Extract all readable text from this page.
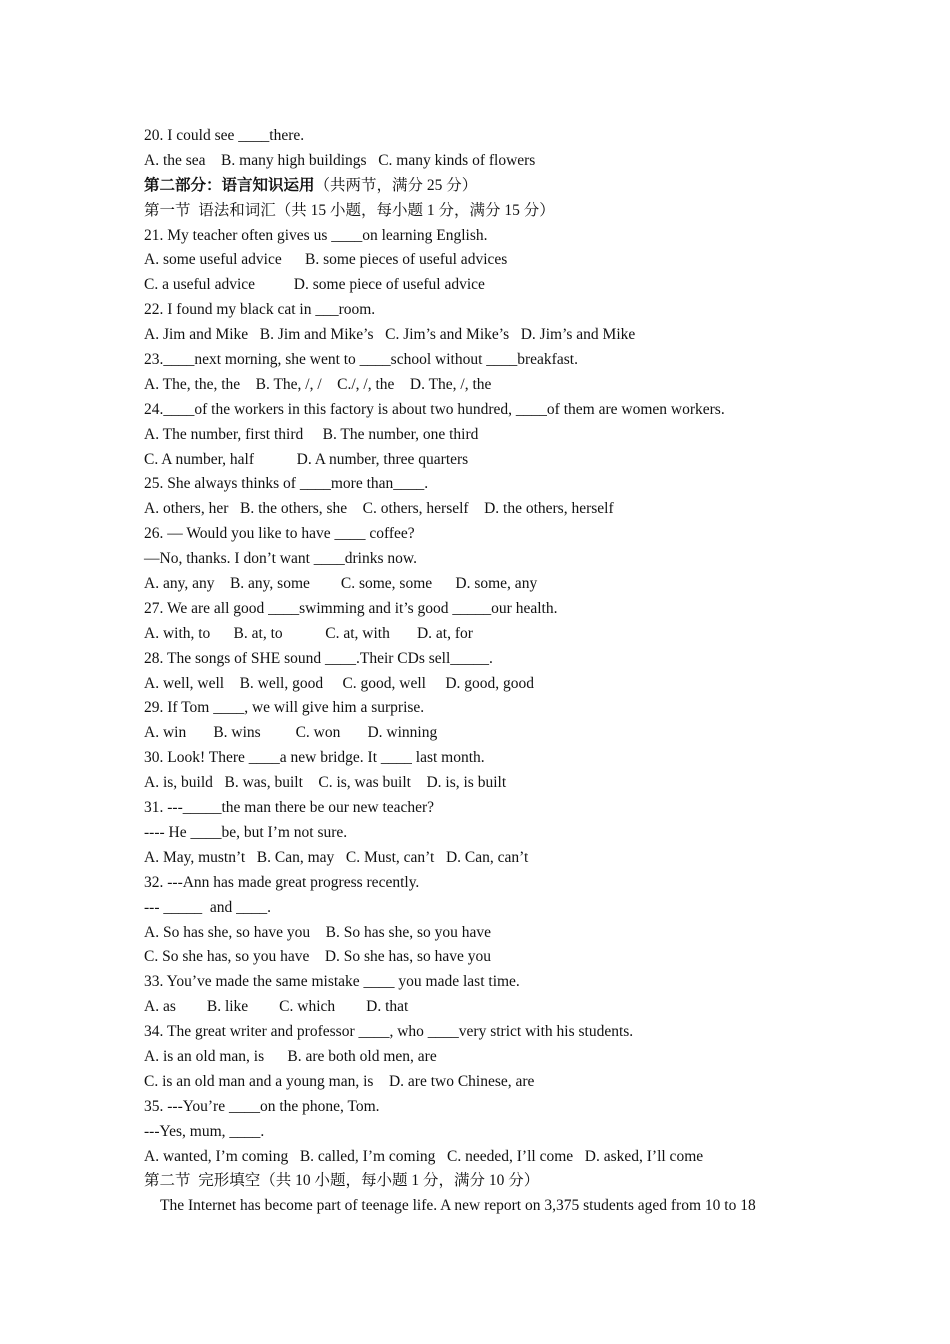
20. I could see ____there.
A. the sea    B. many high buildings   C. many kinds of flowers
第二部分：语言知识运用（共两节，满分 25 分）
第一节  语法和词汇（共 15 小题，每小题 1 分，满分 15 分）
21. My teacher often gives us ____on learning English.
A. some useful advice      B. some pieces of useful advices
C. a useful advice          D. some piece of useful advice
22. I found my black cat in ___room.
A. Jim and Mike   B. Jim and Mike’s   C. Jim’s and Mike’s   D. Jim’s and Mike
23.____next morning, she went to ____school without ____breakfast.
A. The, the, the    B. The, /, /    C./, /, the    D. The, /, the
24.____of the workers in this factory is about two hundred, ____of them are women workers.
A. The number, first third     B. The number, one third
C. A number, half           D. A number, three quarters
25. She always thinks of ____more than____.
A. others, her   B. the others, she    C. others, herself    D. the others, herself
26. — Would you like to have ____ coffee?
—No, thanks. I don’t want ____drinks now.
A. any, any    B. any, some        C. some, some      D. some, any
27. We are all good ____swimming and it’s good _____our health.
A. with, to      B. at, to           C. at, with       D. at, for
28. The songs of SHE sound ____.Their CDs sell_____.
A. well, well    B. well, good     C. good, well     D. good, good
29. If Tom ____, we will give him a surprise.
A. win       B. wins         C. won       D. winning
30. Look! There ____a new bridge. It ____ last month.
A. is, build   B. was, built    C. is, was built    D. is, is built
31. ---_____the man there be our new teacher?
---- He ____be, but I’m not sure.
A. May, mustn’t   B. Can, may   C. Must, can’t   D. Can, can’t
32. ---Ann has made great progress recently.
--- _____  and ____.
A. So has she, so have you    B. So has she, so you have
C. So she has, so you have    D. So she has, so have you
33. You’ve made the same mistake ____ you made last time.
A. as        B. like        C. which        D. that
34. The great writer and professor ____, who ____very strict with his students.
A. is an old man, is      B. are both old men, are
C. is an old man and a young man, is    D. are two Chinese, are
35. ---You’re ____on the phone, Tom.
---Yes, mum, ____.
A. wanted, I’m coming   B. called, I’m coming   C. needed, I’ll come   D. asked, I’ll come
第二节  完形填空（共 10 小题，每小题 1 分，满分 10 分）
The Internet has become part of teenage life. A new report on 3,375 students aged from 10 to 18
